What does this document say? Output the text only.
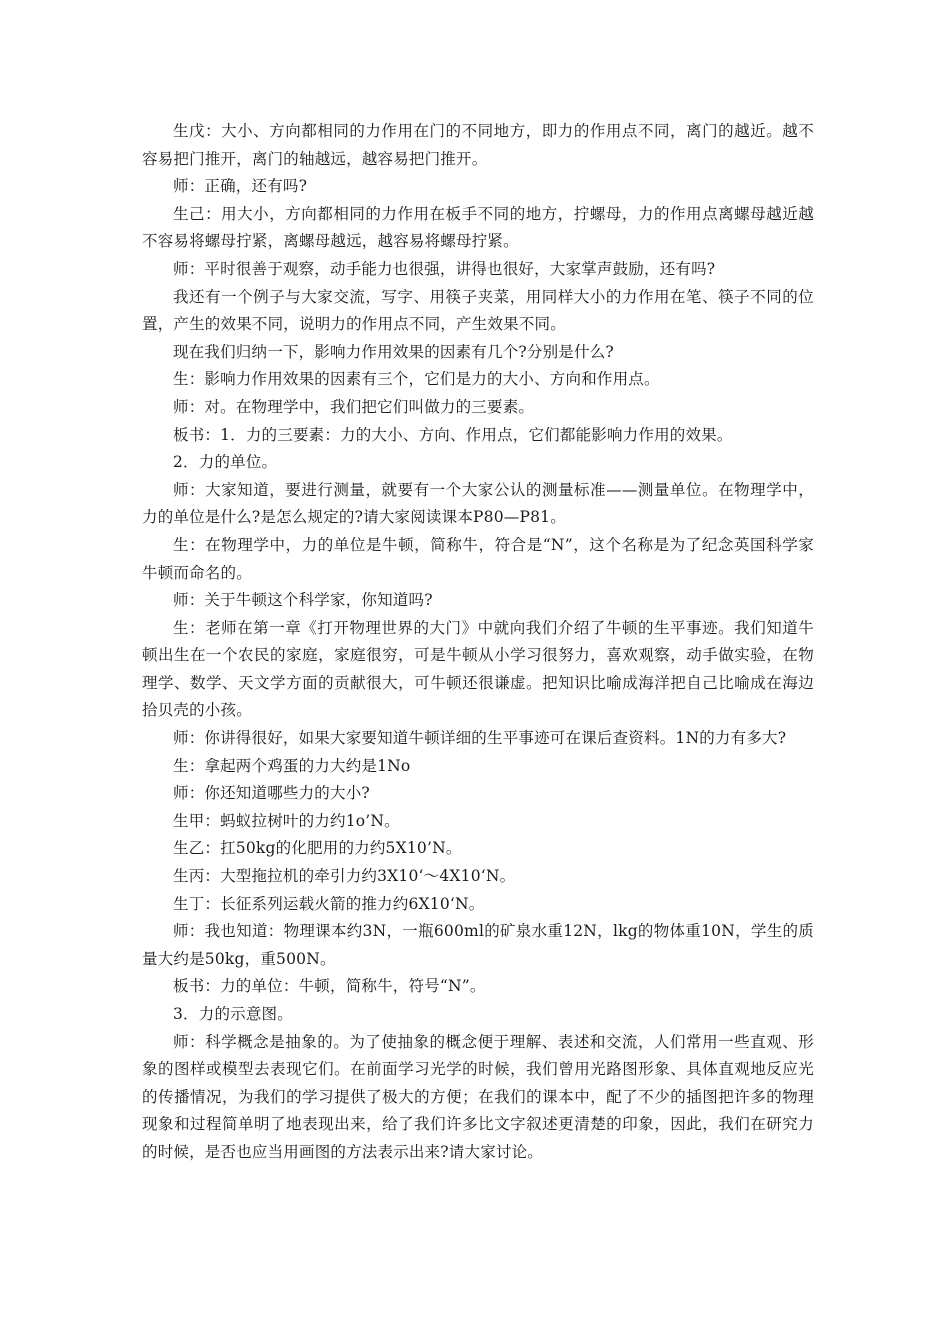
生戊：大小、方向都相同的力作用在门的不同地方，即力的作用点不同，离门的越近。越不容易把门推开，离门的轴越远，越容易把门推开。

师：正确，还有吗?

生己：用大小，方向都相同的力作用在板手不同的地方，拧螺母，力的作用点离螺母越近越不容易将螺母拧紧，离螺母越远，越容易将螺母拧紧。

师：平时很善于观察，动手能力也很强，讲得也很好，大家掌声鼓励，还有吗?

我还有一个例子与大家交流，写字、用筷子夹菜，用同样大小的力作用在笔、筷子不同的位置，产生的效果不同，说明力的作用点不同，产生效果不同。

现在我们归纳一下，影响力作用效果的因素有几个?分别是什么?

生：影响力作用效果的因素有三个，它们是力的大小、方向和作用点。

师：对。在物理学中，我们把它们叫做力的三要素。

板书：1．力的三要素：力的大小、方向、作用点，它们都能影响力作用的效果。

2．力的单位。

师：大家知道，要进行测量，就要有一个大家公认的测量标准——测量单位。在物理学中，力的单位是什么?是怎么规定的?请大家阅读课本P80—P81。

生：在物理学中，力的单位是牛顿，简称牛，符合是“N”，这个名称是为了纪念英国科学家牛顿而命名的。

师：关于牛顿这个科学家，你知道吗?

生：老师在第一章《打开物理世界的大门》中就向我们介绍了牛顿的生平事迹。我们知道牛顿出生在一个农民的家庭，家庭很穷，可是牛顿从小学习很努力，喜欢观察，动手做实验，在物理学、数学、天文学方面的贡献很大，可牛顿还很谦虚。把知识比喻成海洋把自己比喻成在海边拾贝壳的小孩。

师：你讲得很好，如果大家要知道牛顿详细的生平事迹可在课后查资料。1N的力有多大?

生：拿起两个鸡蛋的力大约是1No

师：你还知道哪些力的大小?

生甲：蚂蚁拉树叶的力约1o’N。

生乙：扛50kg的化肥用的力约5X10’N。

生丙：大型拖拉机的牵引力约3X10‘～4X10‘N。

生丁：长征系列运载火箭的推力约6X10‘N。

师：我也知道：物理课本约3N，一瓶600ml的矿泉水重12N，lkg的物体重10N，学生的质量大约是50kg，重500N。

板书：力的单位：牛顿，简称牛，符号“N”。

3．力的示意图。

师：科学概念是抽象的。为了使抽象的概念便于理解、表述和交流，人们常用一些直观、形象的图样或模型去表现它们。在前面学习光学的时候，我们曾用光路图形象、具体直观地反应光的传播情况，为我们的学习提供了极大的方便；在我们的课本中，配了不少的插图把许多的物理现象和过程简单明了地表现出来，给了我们许多比文字叙述更清楚的印象，因此，我们在研究力的时候，是否也应当用画图的方法表示出来?请大家讨论。
